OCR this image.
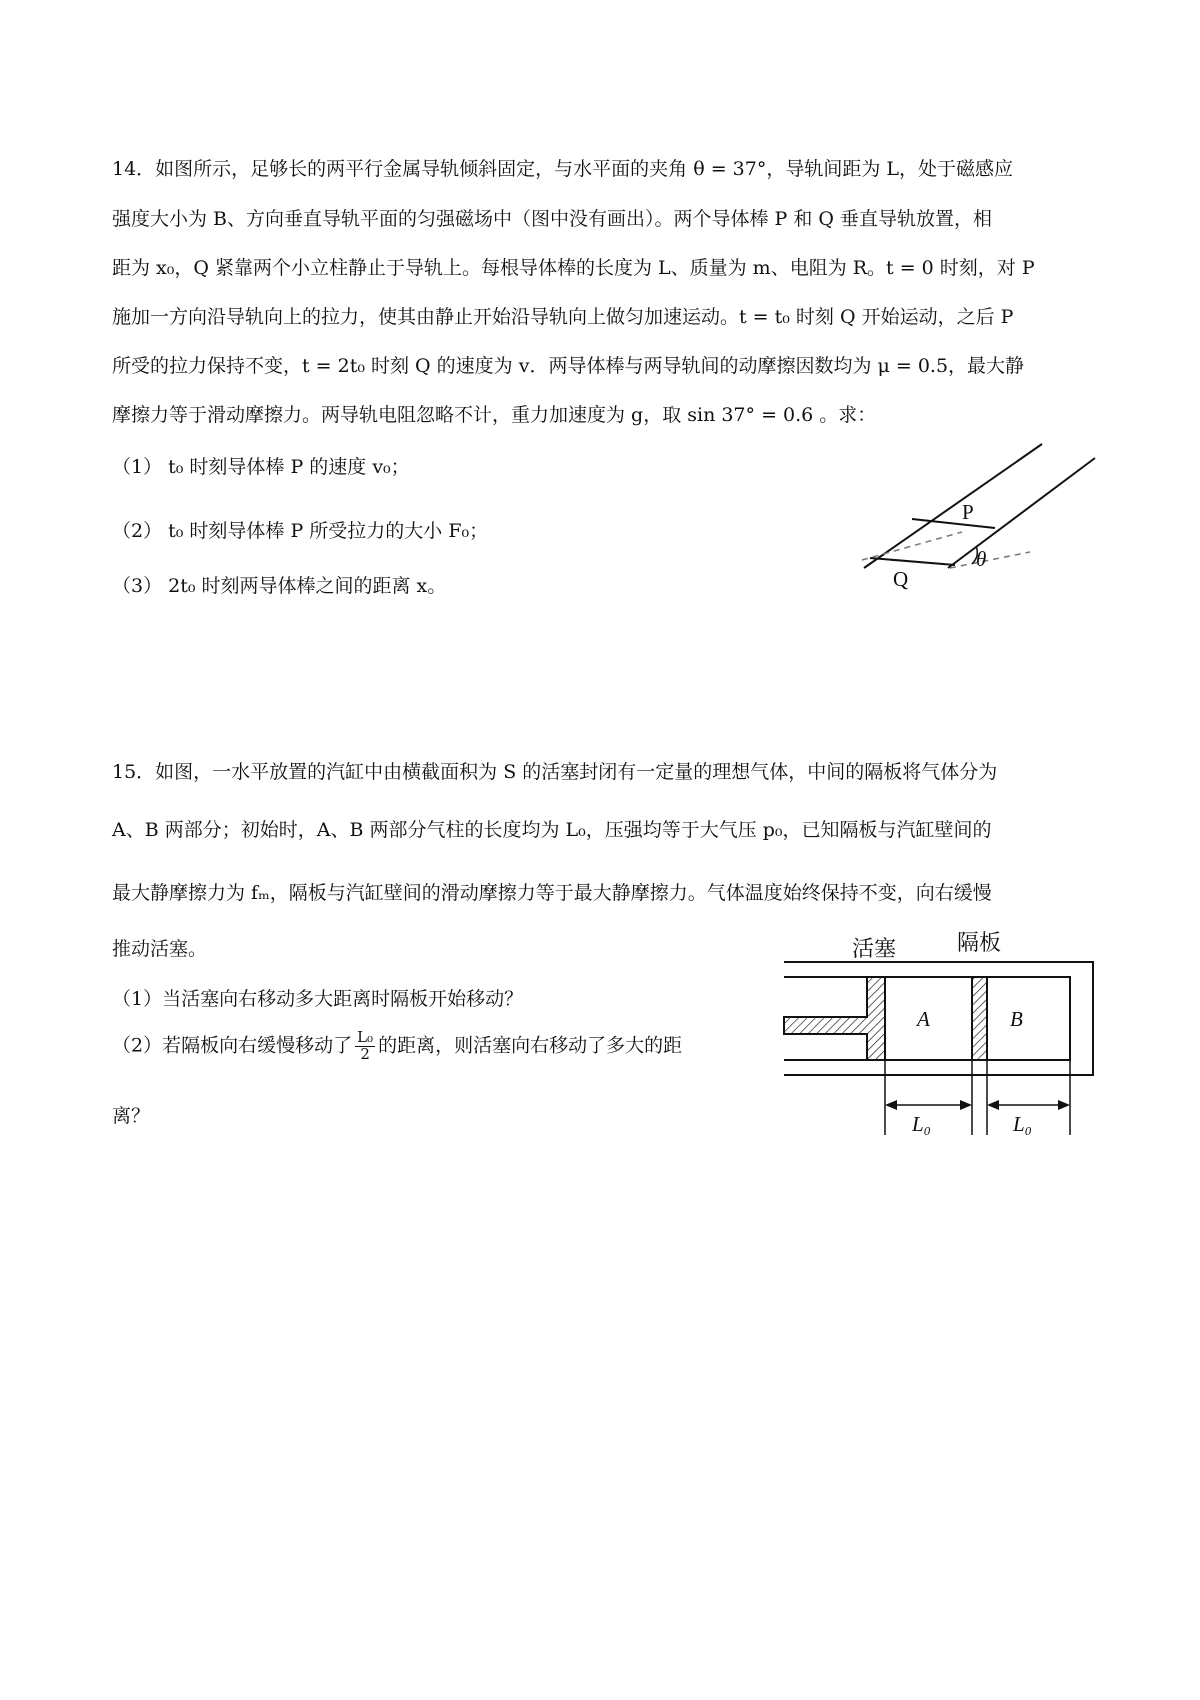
14．如图所示，足够长的两平行金属导轨倾斜固定，与水平面的夹角 θ = 37°，导轨间距为 L，处于磁感应
强度大小为 B、方向垂直导轨平面的匀强磁场中（图中没有画出）。两个导体棒 P 和 Q 垂直导轨放置，相
距为 x₀，Q 紧靠两个小立柱静止于导轨上。每根导体棒的长度为 L、质量为 m、电阻为 R。t = 0 时刻，对 P
施加一方向沿导轨向上的拉力，使其由静止开始沿导轨向上做匀加速运动。t = t₀ 时刻 Q 开始运动，之后 P
所受的拉力保持不变，t = 2t₀ 时刻 Q 的速度为 v．两导体棒与两导轨间的动摩擦因数均为 μ = 0.5，最大静
摩擦力等于滑动摩擦力。两导轨电阻忽略不计，重力加速度为 g，取 sin 37° = 0.6 。求：
（1） t₀ 时刻导体棒 P 的速度 v₀；
（2） t₀ 时刻导体棒 P 所受拉力的大小 F₀；
（3） 2t₀ 时刻两导体棒之间的距离 x。
P
Q
θ
15．如图，一水平放置的汽缸中由横截面积为 S 的活塞封闭有一定量的理想气体，中间的隔板将气体分为
A、B 两部分；初始时，A、B 两部分气柱的长度均为 L₀，压强均等于大气压 p₀，已知隔板与汽缸壁间的
最大静摩擦力为 fₘ，隔板与汽缸壁间的滑动摩擦力等于最大静摩擦力。气体温度始终保持不变，向右缓慢
推动活塞。
（1）当活塞向右移动多大距离时隔板开始移动？
（2）若隔板向右缓慢移动了 $\frac{\text{L₀}}{2}$ 的距离，则活塞向右移动了多大的距
离？
活塞	隔板
A	B
L₀	L₀
